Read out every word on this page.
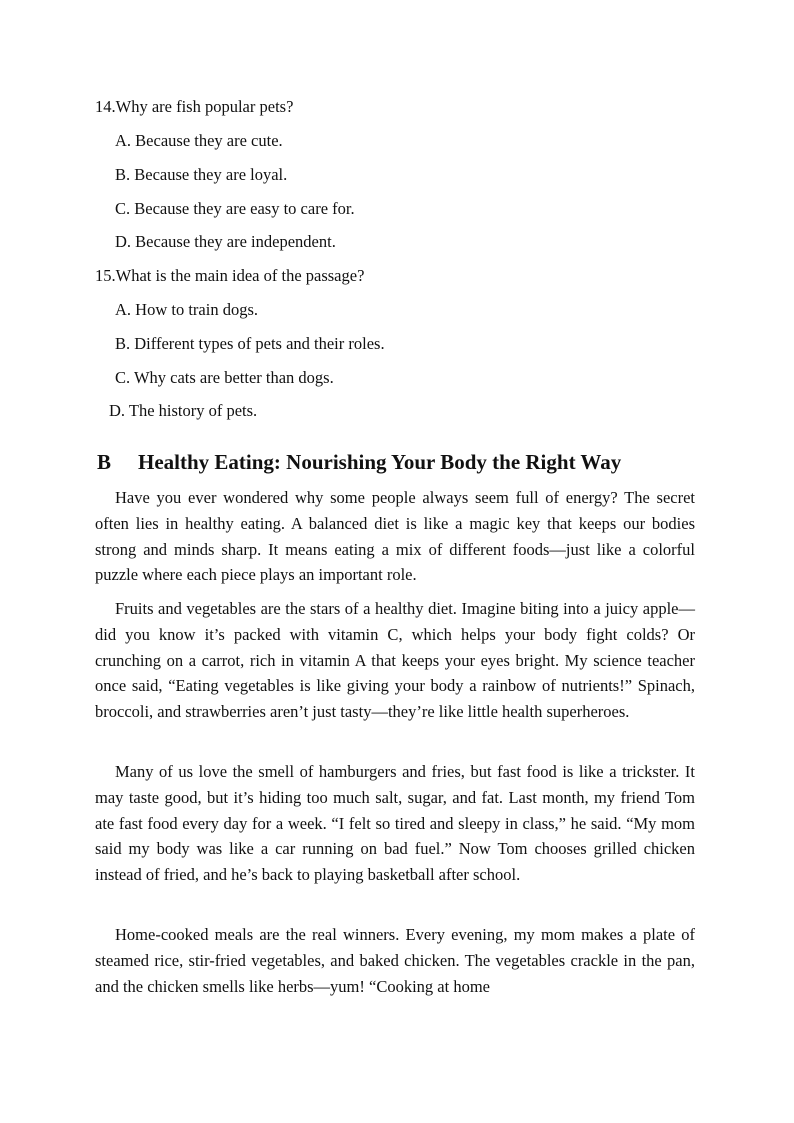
14.Why are fish popular pets?
A. Because they are cute.
B. Because they are loyal.
C. Because they are easy to care for.
D. Because they are independent.
15.What is the main idea of the passage?
A. How to train dogs.
B. Different types of pets and their roles.
C. Why cats are better than dogs.
D. The history of pets.
B Healthy Eating: Nourishing Your Body the Right Way

Have you ever wondered why some people always seem full of energy? The secret often lies in healthy eating. A balanced diet is like a magic key that keeps our bodies strong and minds sharp. It means eating a mix of different foods—just like a colorful puzzle where each piece plays an important role.

Fruits and vegetables are the stars of a healthy diet. Imagine biting into a juicy apple—did you know it’s packed with vitamin C, which helps your body fight colds? Or crunching on a carrot, rich in vitamin A that keeps your eyes bright. My science teacher once said, “Eating vegetables is like giving your body a rainbow of nutrients!” Spinach, broccoli, and strawberries aren’t just tasty—they’re like little health superheroes.

Many of us love the smell of hamburgers and fries, but fast food is like a trickster. It may taste good, but it’s hiding too much salt, sugar, and fat. Last month, my friend Tom ate fast food every day for a week. “I felt so tired and sleepy in class,” he said. “My mom said my body was like a car running on bad fuel.” Now Tom chooses grilled chicken instead of fried, and he’s back to playing basketball after school.

Home-cooked meals are the real winners. Every evening, my mom makes a plate of steamed rice, stir-fried vegetables, and baked chicken. The vegetables crackle in the pan, and the chicken smells like herbs—yum! “Cooking at home
